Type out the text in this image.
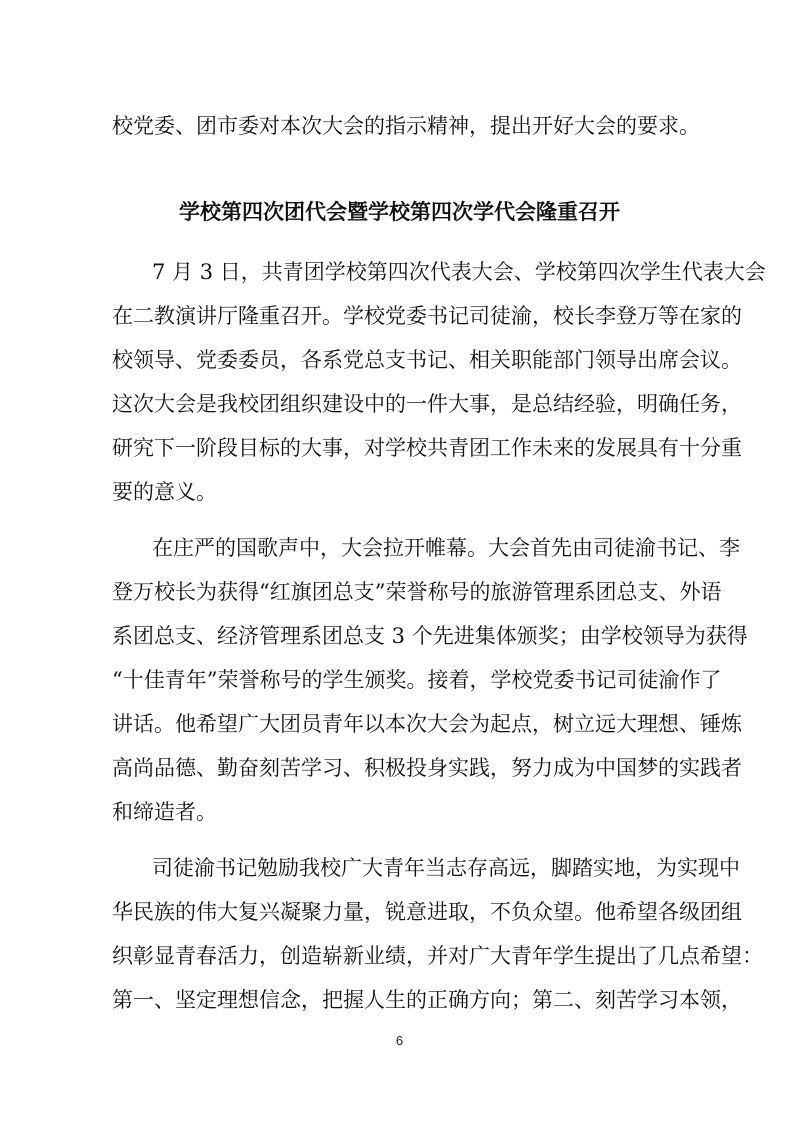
校党委、团市委对本次大会的指示精神，提出开好大会的要求。
学校第四次团代会暨学校第四次学代会隆重召开
7 月 3 日，共青团学校第四次代表大会、学校第四次学生代表大会
在二教演讲厅隆重召开。学校党委书记司徒渝，校长李登万等在家的
校领导、党委委员，各系党总支书记、相关职能部门领导出席会议。
这次大会是我校团组织建设中的一件大事，是总结经验，明确任务，
研究下一阶段目标的大事，对学校共青团工作未来的发展具有十分重
要的意义。
在庄严的国歌声中，大会拉开帷幕。大会首先由司徒渝书记、李
登万校长为获得“红旗团总支”荣誉称号的旅游管理系团总支、外语
系团总支、经济管理系团总支 3 个先进集体颁奖；由学校领导为获得
“十佳青年”荣誉称号的学生颁奖。接着，学校党委书记司徒渝作了
讲话。他希望广大团员青年以本次大会为起点，树立远大理想、锤炼
高尚品德、勤奋刻苦学习、积极投身实践，努力成为中国梦的实践者
和缔造者。
司徒渝书记勉励我校广大青年当志存高远，脚踏实地，为实现中
华民族的伟大复兴凝聚力量，锐意进取，不负众望。他希望各级团组
织彰显青春活力，创造崭新业绩，并对广大青年学生提出了几点希望：
第一、坚定理想信念，把握人生的正确方向；第二、刻苦学习本领，
6
